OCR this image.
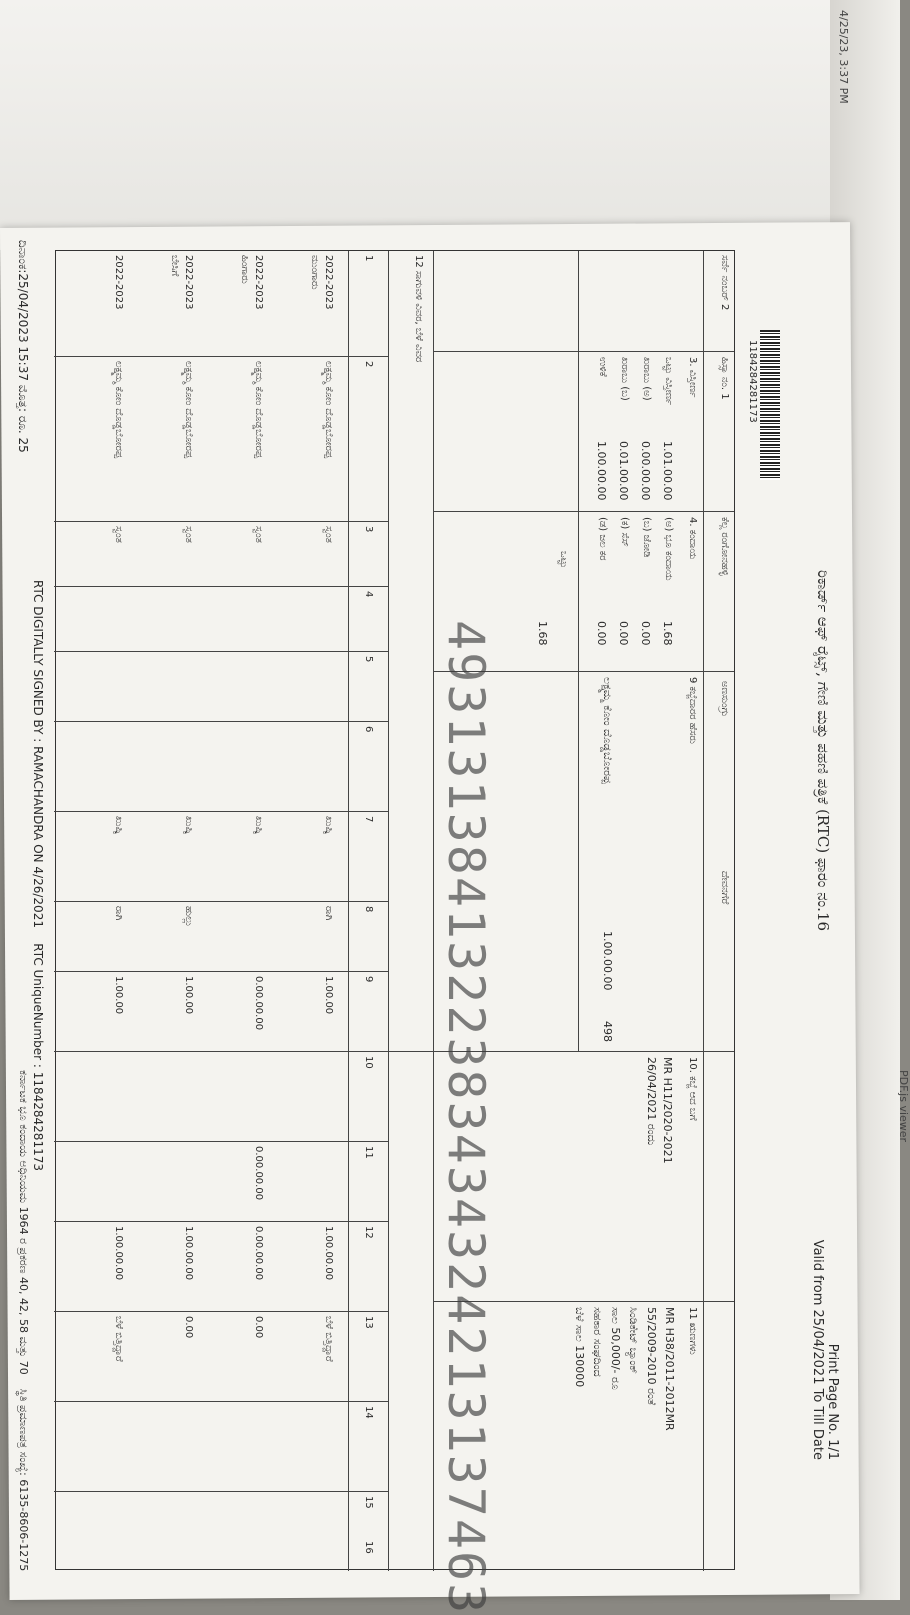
4/25/23, 3:37 PM
PDF.js viewer
ರಿಕಾರ್ಡ್ ಆಫ್ ರೈಟ್ಸ್, ಗೇಣಿ ಮತ್ತು ಪಹಣಿ ಪತ್ರಿಕೆ (RTC) ಫಾರಂ ನಂ.16
Print Page No. 1/1
Valid from 25/04/2021 To Till Date
1184284281173
ಸರ್ವೆ ನಂಬರ್ 2
ಹಿಸ್ಸಾ ನಂ. 1
ಕೆಲ್ಲ ರಂಗೋನಹಳ್ಳಿ
ಅಣಸುಂಗ್ರು
ದೇವನಗೆರೆ
3. ವಿಸ್ತೀರ್ಣ
ಒಟ್ಟು ವಿಸ್ತೀರ್ಣ
1.01.00.00
ಖರಾಬು (ಅ)
0.00.00.00
ಖರಾಬು (ಬ)
0.01.00.00
ಉಳಿಕೆ
1.00.00.00
4. ಕಂದಾಯ
(ಅ) ಭೂ ಕಂದಾಯ
1.68
(ಬ) ಜೋಡಿ
0.00
(ಕ) ಸೆಸ್
0.00
(ಡ) ಜಲ ಕರ
0.00
ಒಟ್ಟು
1.68
9 ಕಬ್ಜೆದಾರರ ಹೆಸರು
ಲಕ್ಷ್ಮಮ್ಮ ಕೋಂ ದೊಡ್ಡಬೋರಪ್ಪ
1.00.00.00
498
10. ಕಬ್ಜೆ ಆದ ಬಗೆ
MR H11/2020-2021
26/04/2021 ರಂದು
11 ಋಣಗಳು
MR H38/2011-2012MR
55/2009-2010 ರಂತೆ
ಸಿಂಡಿಕೇಟ್ ಬ್ಯಾಂಕ್
ಸಾಲ 50,000/- ರೂ
ಸಹಕಾರ ಸಂಘದಿಂದ
ಬೆಳೆ ಸಾಲ 130000
12 ಸಾಗುವಳಿ ವಿವರ, ಬೆಳೆ ವಿವರ
1
2
3
4
5
6
7
8
9
10
11
12
13
14
15
16
2022-2023
ಮುಂಗಾರು
ಲಕ್ಷ್ಮಮ್ಮ ಕೋಂ ದೊಡ್ಡಬೋರಪ್ಪ
ಸ್ವಂತ
ಖುಷ್ಕಿ
ರಾಗಿ
1.00.00
1.00.00.00
ಬೆಳೆ ಬಿತ್ತಿದ್ದಾರೆ
2022-2023
ಹಿಂಗಾರು
ಲಕ್ಷ್ಮಮ್ಮ ಕೋಂ ದೊಡ್ಡಬೋರಪ್ಪ
ಸ್ವಂತ
ಖುಷ್ಕಿ
0.00.00.00
0.00.00.00
0.00.00.00
0.00
2022-2023
ಬೇಸಿಗೆ
ಲಕ್ಷ್ಮಮ್ಮ ಕೋಂ ದೊಡ್ಡಬೋರಪ್ಪ
ಸ್ವಂತ
ಖುಷ್ಕಿ
ಹುಲ್ಲು
1.00.00
1.00.00.00
0.00
2022-2023
ಲಕ್ಷ್ಮಮ್ಮ ಕೋಂ ದೊಡ್ಡಬೋರಪ್ಪ
ಸ್ವಂತ
ಖುಷ್ಕಿ
ರಾಗಿ
1.00.00
1.00.00.00
ಬೆಳೆ ಬಿತ್ತಿದ್ದಾರೆ	4931313841322383434324213137463
RTC DIGITALLY SIGNED BY : RAMACHANDRA ON 4/26/2021    RTC UniqueNumber : 1184284281173
ದಿನಾಂಕ:25/04/2023 15:37 ಮೊತ್ತ: ರೂ. 25
ಕರ್ನಾಟಕ ಭೂ ಕಂದಾಯ ಅಧಿನಿಯಮ 1964 ರ ಪ್ರಕರಣ 40, 42, 58 ಮತ್ತು 70    ಸ್ಥಿತಿ ಪ್ರಮಾಣಪತ್ರ ಸಂಖ್ಯೆ: 6135-8606-1275
